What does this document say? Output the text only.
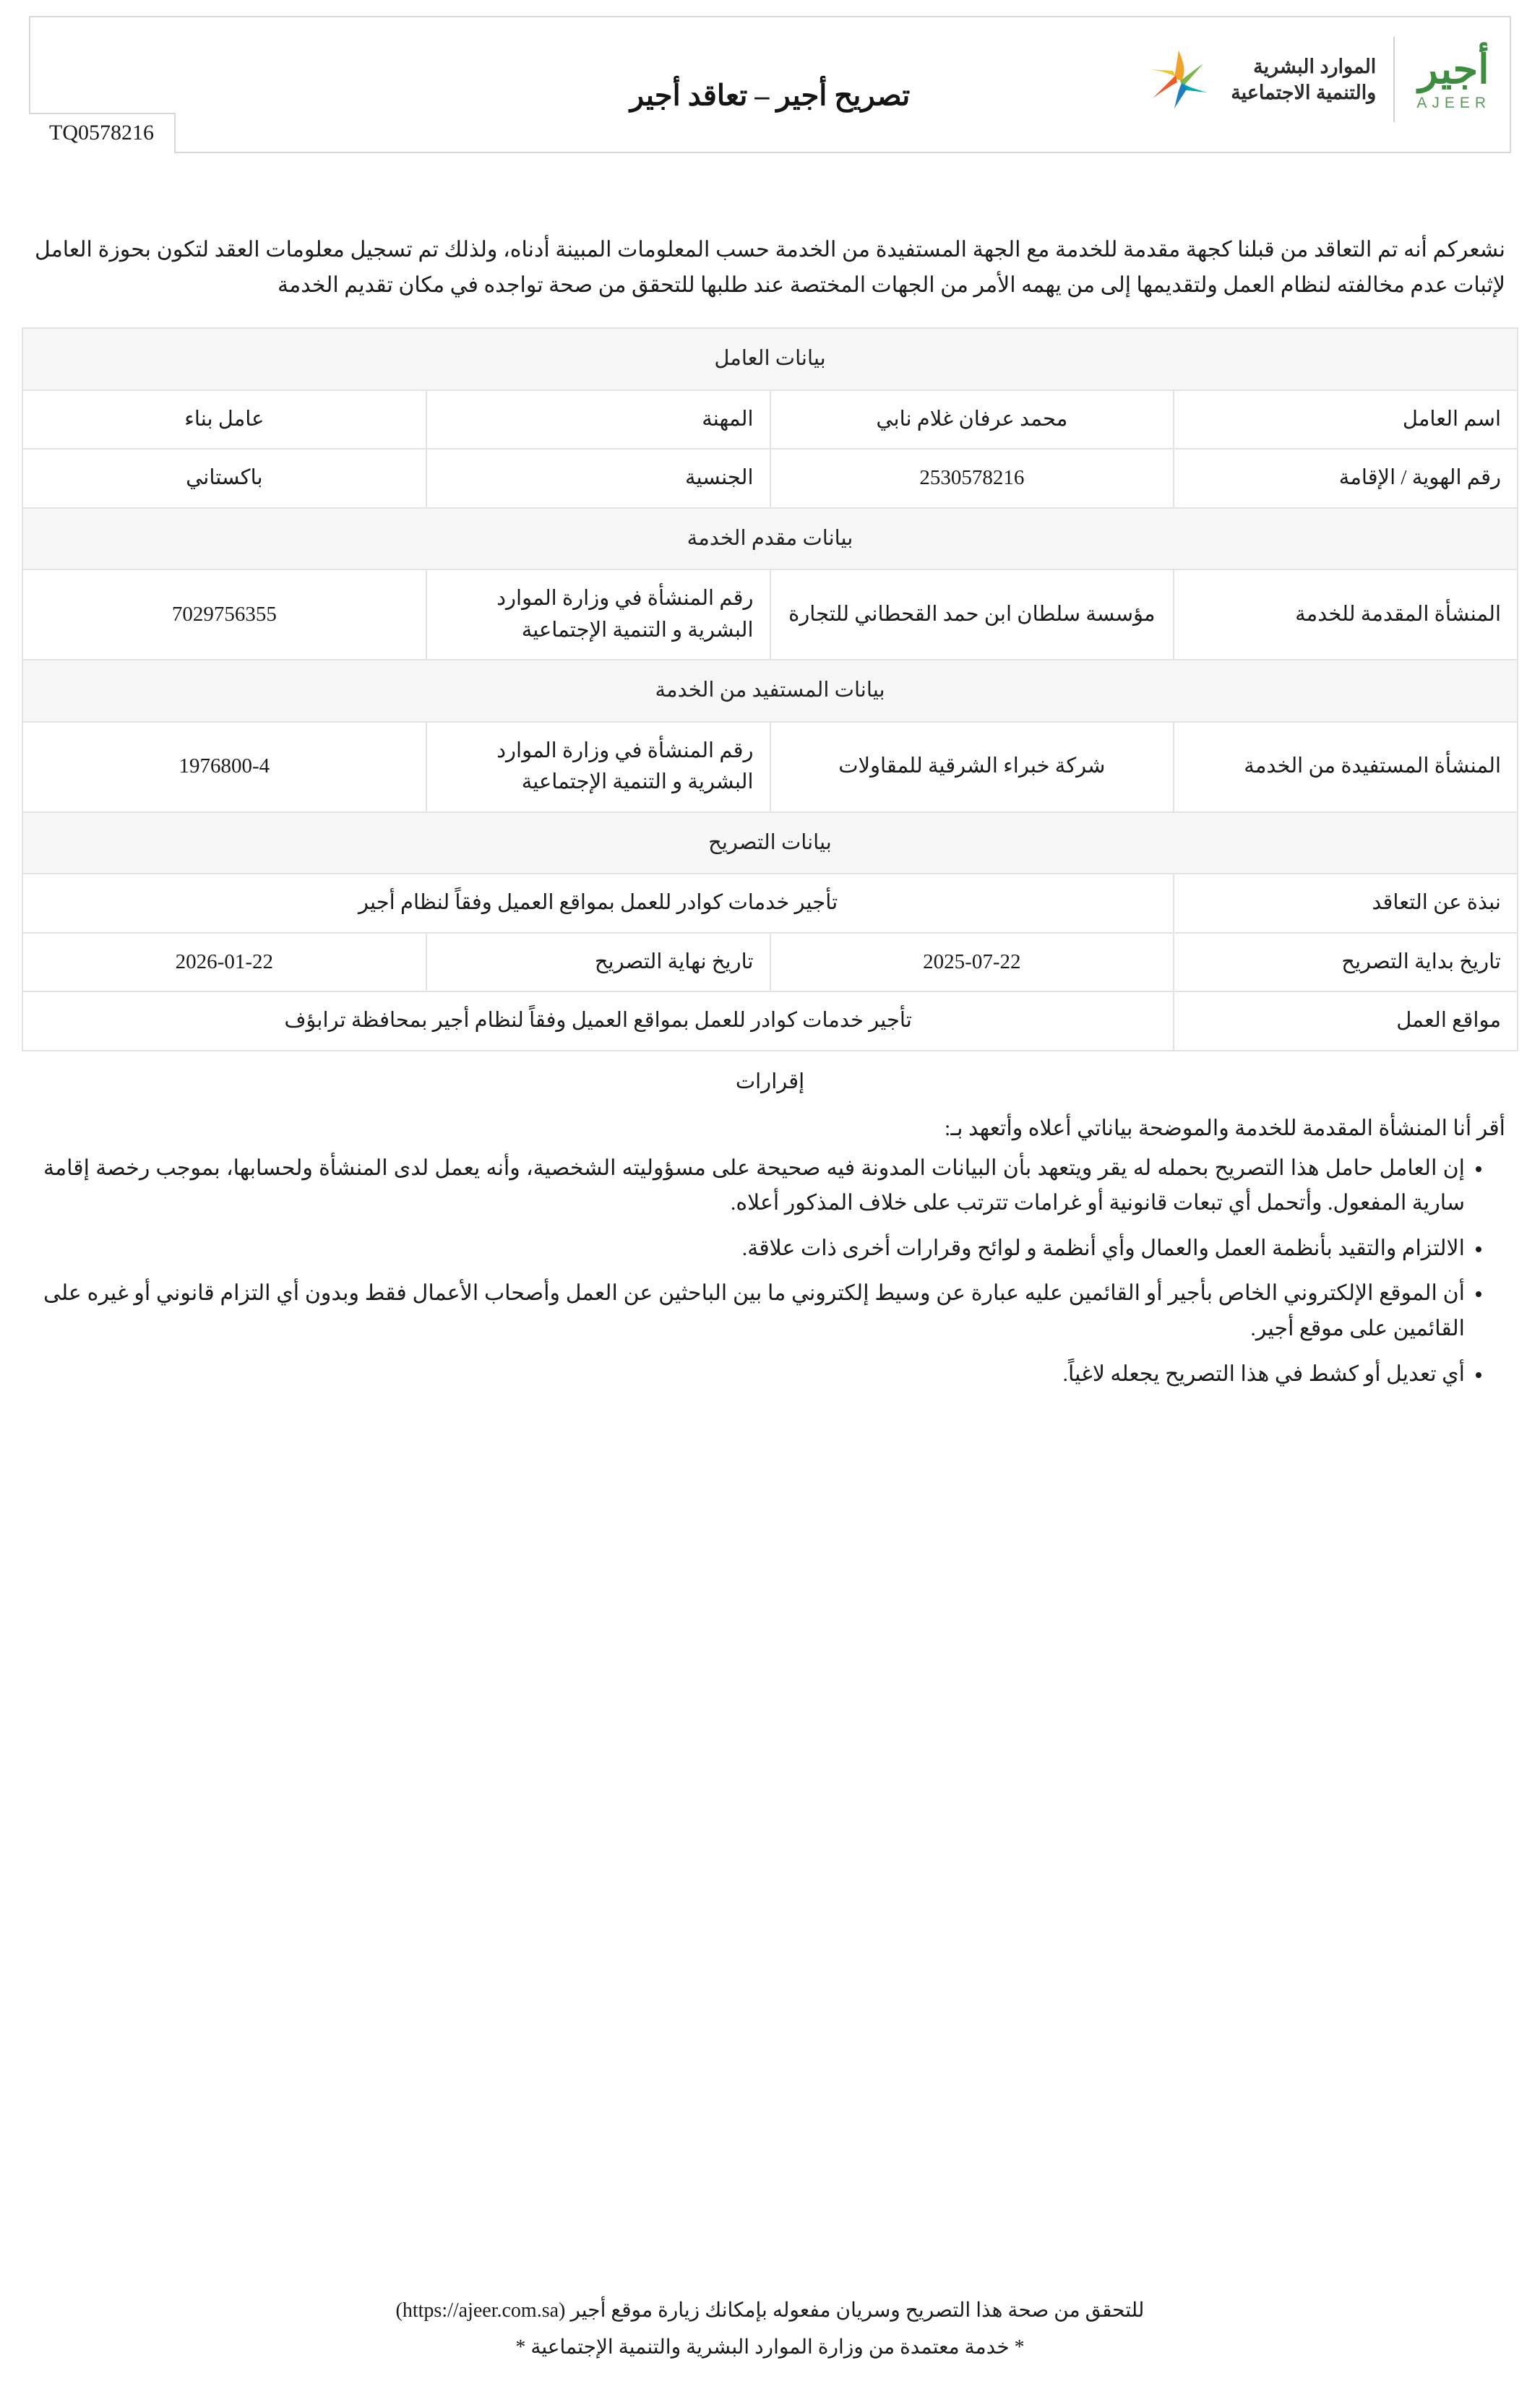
أجير
AJEER
الموارد البشرية
والتنمية الاجتماعية
تصريح أجير – تعاقد أجير
TQ0578216

نشعركم أنه تم التعاقد من قبلنا كجهة مقدمة للخدمة مع الجهة المستفيدة من الخدمة حسب المعلومات المبينة أدناه، ولذلك تم تسجيل معلومات العقد لتكون بحوزة العامل لإثبات عدم مخالفته لنظام العمل ولتقديمها إلى من يهمه الأمر من الجهات المختصة عند طلبها للتحقق من صحة تواجده في مكان تقديم الخدمة

بيانات العامل			
اسم العامل	محمد عرفان غلام نابي	المهنة	عامل بناء
رقم الهوية / الإقامة	2530578216	الجنسية	باكستاني
بيانات مقدم الخدمة			
المنشأة المقدمة للخدمة	مؤسسة سلطان ابن حمد القحطاني للتجارة	رقم المنشأة في وزارة الموارد البشرية و التنمية الإجتماعية	7029756355
بيانات المستفيد من الخدمة			
المنشأة المستفيدة من الخدمة	شركة خبراء الشرقية للمقاولات	رقم المنشأة في وزارة الموارد البشرية و التنمية الإجتماعية	1976800-4
بيانات التصريح			
نبذة عن التعاقد	تأجير خدمات كوادر للعمل بمواقع العميل وفقاً لنظام أجير		
تاريخ بداية التصريح	2025-07-22	تاريخ نهاية التصريح	2026-01-22
مواقع العمل	تأجير خدمات كوادر للعمل بمواقع العميل وفقاً لنظام أجير بمحافظة ترابؤف		
إقرارات
أقر أنا المنشأة المقدمة للخدمة والموضحة بياناتي أعلاه وأتعهد بـ:
• إن العامل حامل هذا التصريح بحمله له يقر ويتعهد بأن البيانات المدونة فيه صحيحة على مسؤوليته الشخصية، وأنه يعمل لدى المنشأة ولحسابها، بموجب رخصة إقامة سارية المفعول. وأتحمل أي تبعات قانونية أو غرامات تترتب على خلاف المذكور أعلاه.
• الالتزام والتقيد بأنظمة العمل والعمال وأي أنظمة و لوائح وقرارات أخرى ذات علاقة.
• أن الموقع الإلكتروني الخاص بأجير أو القائمين عليه عبارة عن وسيط إلكتروني ما بين الباحثين عن العمل وأصحاب الأعمال فقط وبدون أي التزام قانوني أو غيره على القائمين على موقع أجير.
• أي تعديل أو كشط في هذا التصريح يجعله لاغياً.
للتحقق من صحة هذا التصريح وسريان مفعوله بإمكانك زيارة موقع أجير (https://ajeer.com.sa)
* خدمة معتمدة من وزارة الموارد البشرية والتنمية الإجتماعية *
